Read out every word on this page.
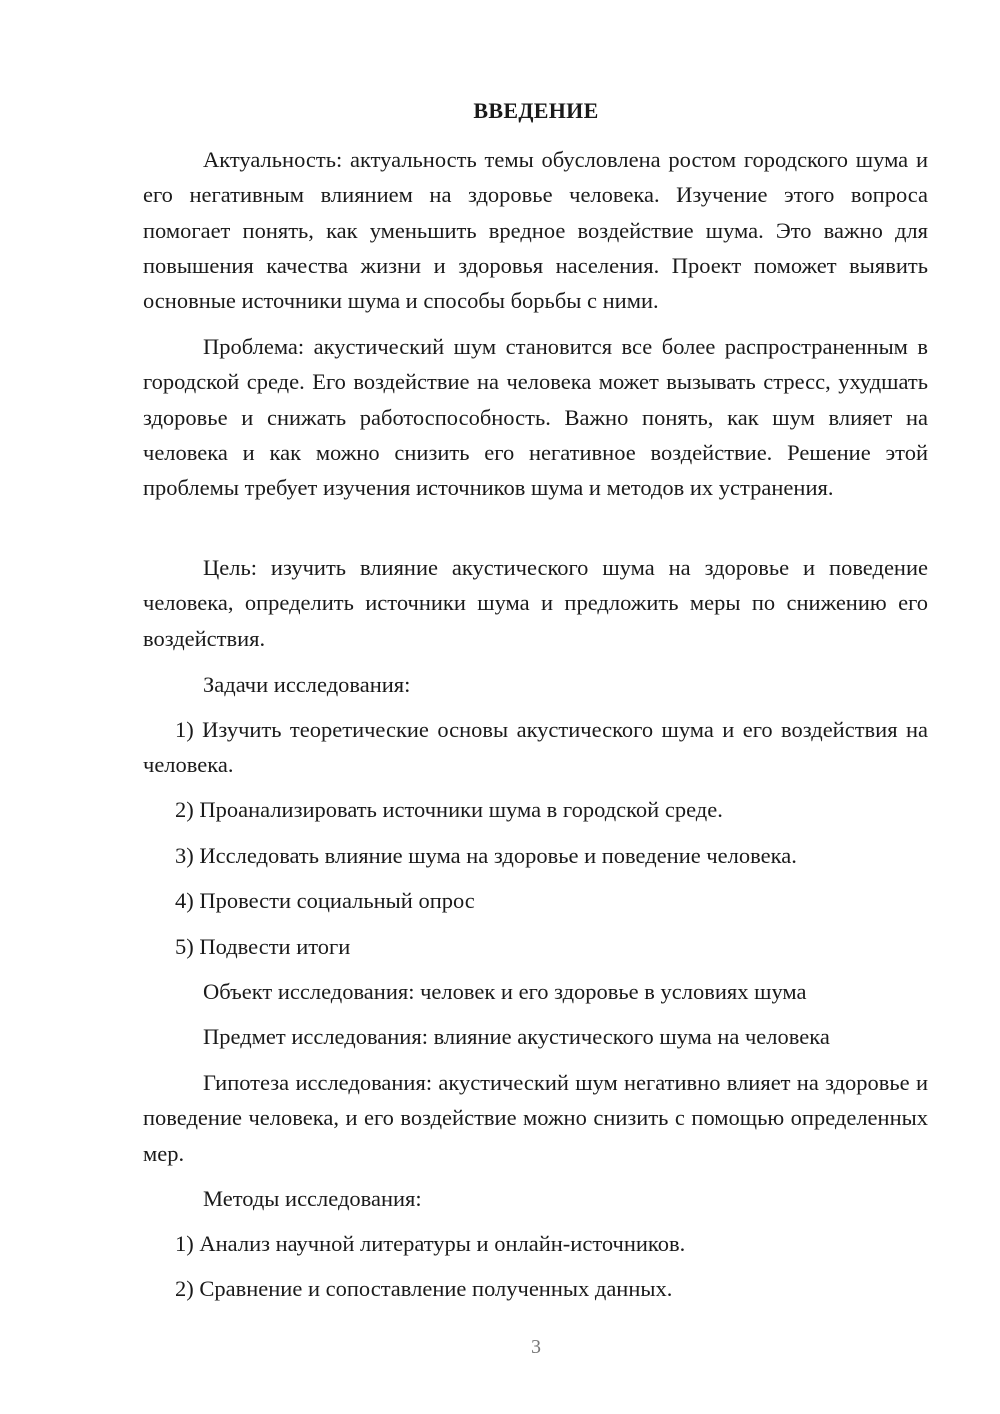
ВВЕДЕНИЕ
Актуальность: актуальность темы обусловлена ростом городского шума и его негативным влиянием на здоровье человека. Изучение этого вопроса помогает понять, как уменьшить вредное воздействие шума. Это важно для повышения качества жизни и здоровья населения. Проект поможет выявить основные источники шума и способы борьбы с ними.
Проблема: акустический шум становится все более распространенным в городской среде. Его воздействие на человека может вызывать стресс, ухудшать здоровье и снижать работоспособность. Важно понять, как шум влияет на человека и как можно снизить его негативное воздействие. Решение этой проблемы требует изучения источников шума и методов их устранения.
Цель: изучить влияние акустического шума на здоровье и поведение человека, определить источники шума и предложить меры по снижению его воздействия.
Задачи исследования:
1) Изучить теоретические основы акустического шума и его воздействия на человека.
2) Проанализировать источники шума в городской среде.
3) Исследовать влияние шума на здоровье и поведение человека.
4) Провести социальный опрос
5) Подвести итоги
Объект исследования: человек и его здоровье в условиях шума
Предмет исследования: влияние акустического шума на человека
Гипотеза исследования: акустический шум негативно влияет на здоровье и поведение человека, и его воздействие можно снизить с помощью определенных мер.
Методы исследования:
1) Анализ научной литературы и онлайн-источников.
2) Сравнение и сопоставление полученных данных.
3
